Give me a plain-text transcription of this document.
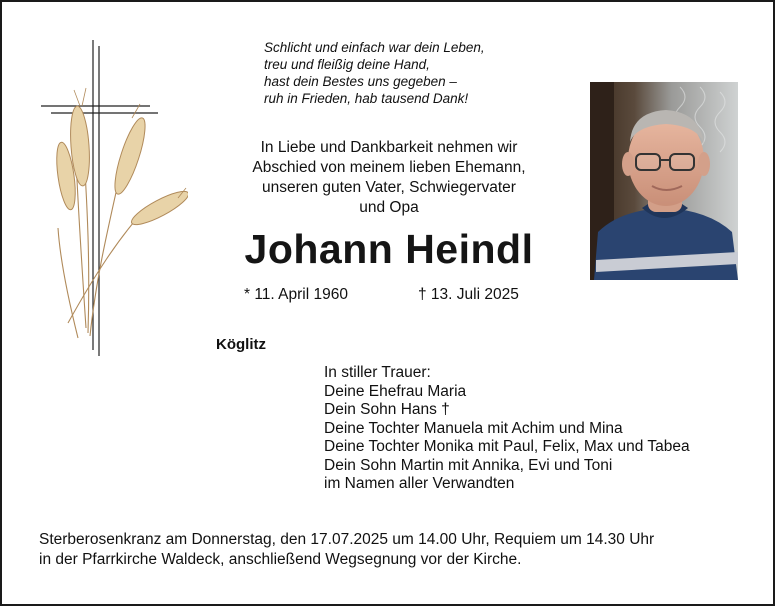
Schlicht und einfach war dein Leben,
treu und fleißig deine Hand,
hast dein Bestes uns gegeben –
ruh in Frieden, hab tausend Dank!
In Liebe und Dankbarkeit nehmen wir
Abschied von meinem lieben Ehemann,
unseren guten Vater, Schwiegervater
und Opa
Johann Heindl
* 11. April 1960	† 13. Juli 2025
Köglitz
In stiller Trauer:
Deine Ehefrau Maria
Dein Sohn Hans †
Deine Tochter Manuela mit Achim und Mina
Deine Tochter Monika mit Paul, Felix, Max und Tabea
Dein Sohn Martin mit Annika, Evi und Toni
im Namen aller Verwandten
Sterberosenkranz am Donnerstag, den 17.07.2025 um 14.00 Uhr, Requiem um 14.30 Uhr
in der Pfarrkirche Waldeck, anschließend Wegsegnung vor der Kirche.
